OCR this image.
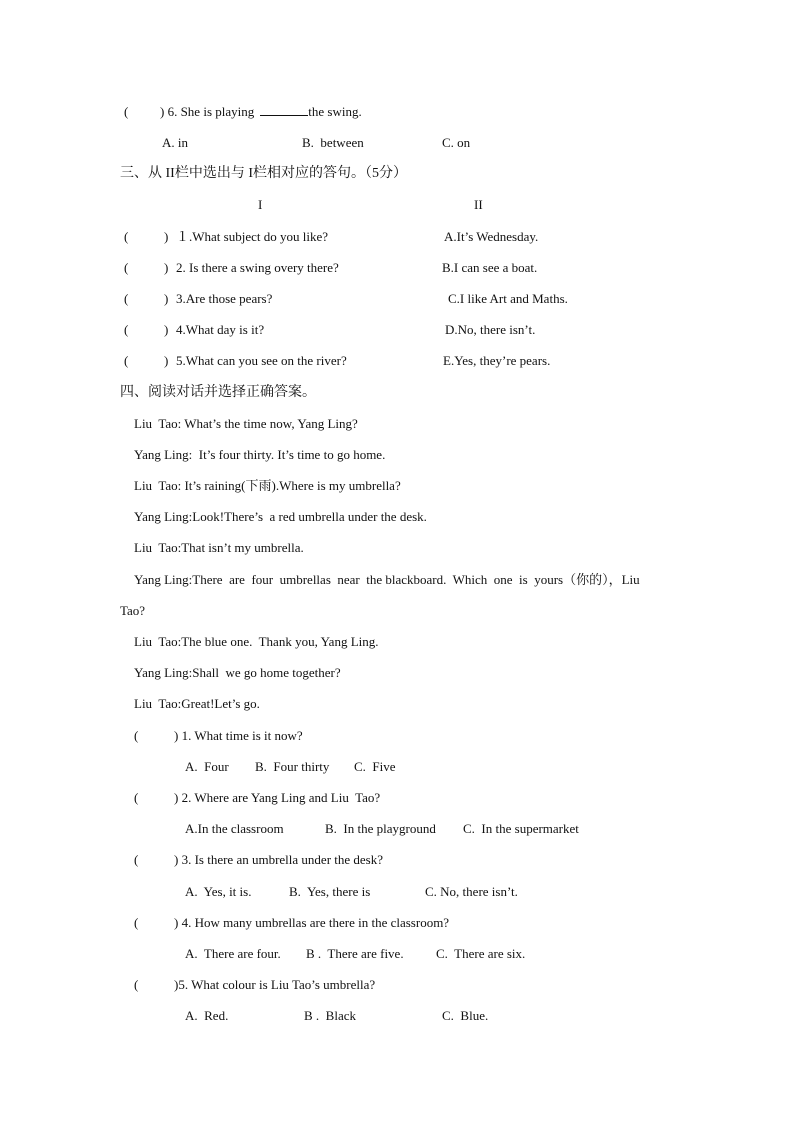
( ) 6. She is playing	the swing.
A. in	B.  between	C. on
三、从 II栏中选出与 I栏相对应的答句。（5分）
I	II
(	) １.What subject do you like?	A.It’s Wednesday.
(	) 2. Is there a swing overy there?	B.I can see a boat.
(	) 3.Are those pears?	C.I like Art and Maths.
(	) 4.What day is it?	D.No, there isn’t.
(	) 5.What can you see on the river?	E.Yes, they’re pears.
四、阅读对话并选择正确答案。
Liu  Tao: What’s the time now, Yang Ling?
Yang Ling:  It’s four thirty. It’s time to go home.
Liu  Tao: It’s raining(下雨).Where is my umbrella?
Yang Ling:Look!There’s  a red umbrella under the desk.
Liu  Tao:That isn’t my umbrella.
Yang Ling:There  are  four  umbrellas  near  the blackboard.  Which  one  is  yours（你的），Liu
Tao?
Liu  Tao:The blue one.  Thank you, Yang Ling.
Yang Ling:Shall  we go home together?
Liu  Tao:Great!Let’s go.
(	) 1. What time is it now?
A.  Four B.  Four thirty C.  Five
(	) 2. Where are Yang Ling and Liu  Tao?
A.In the classroom	B.  In the playground C.  In the supermarket
(	) 3. Is there an umbrella under the desk?
A.  Yes, it is.	B.  Yes, there is	C. No, there isn’t.
(	) 4. How many umbrellas are there in the classroom?
A.  There are four. B .  There are five. C.  There are six.
(	)5. What colour is Liu Tao’s umbrella?
A.  Red.	B .  Black	C.  Blue.
